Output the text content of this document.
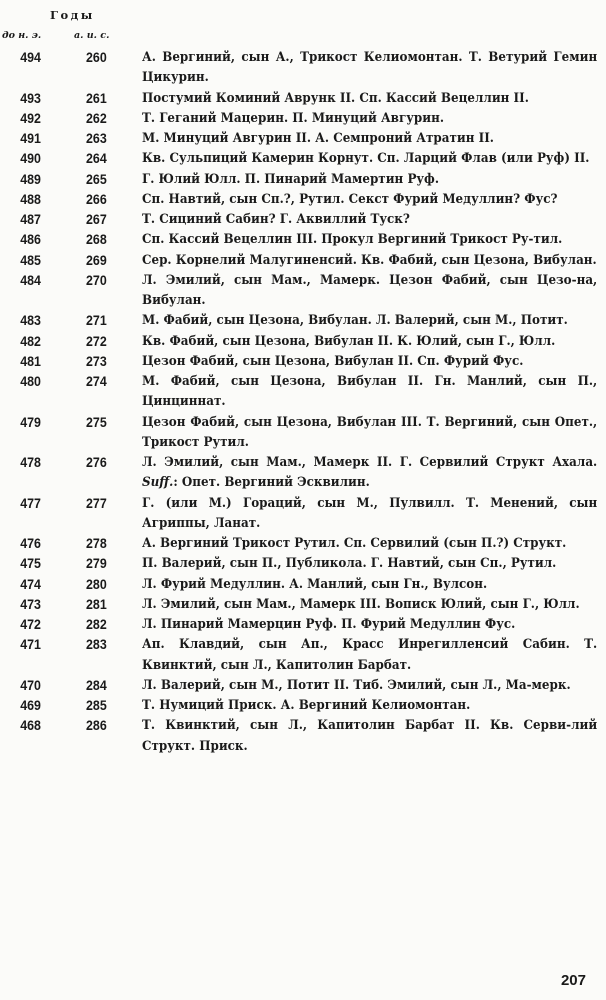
Годы
до н. э.	а. u. c.
494	260	А. Вергиний, сын А., Трикост Келиомонтан. Т. Ветурий Гемин Цикурин.
493	261	Постумий Коминий Аврунк II. Сп. Кассий Вецеллин II.
492	262	Т. Геганий Мацерин. П. Минуций Авгурин.
491	263	М. Минуций Авгурин II. А. Семпроний Атратин II.
490	264	Кв. Сульпиций Камерин Корнут. Сп. Ларций Флав (или Руф) II.
489	265	Г. Юлий Юлл. П. Пинарий Мамертин Руф.
488	266	Сп. Навтий, сын Сп.?, Рутил. Секст Фурий Медуллин? Фус?
487	267	Т. Сициний Сабин? Г. Аквиллий Туск?
486	268	Сп. Кассий Вецеллин III. Прокул Вергиний Трикост Ру-тил.
485	269	Сер. Корнелий Малугиненсий. Кв. Фабий, сын Цезона, Вибулан.
484	270	Л. Эмилий, сын Мам., Мамерк. Цезон Фабий, сын Цезо-на, Вибулан.
483	271	М. Фабий, сын Цезона, Вибулан. Л. Валерий, сын М., Потит.
482	272	Кв. Фабий, сын Цезона, Вибулан II. К. Юлий, сын Г., Юлл.
481	273	Цезон Фабий, сын Цезона, Вибулан II. Сп. Фурий Фус.
480	274	М. Фабий, сын Цезона, Вибулан II. Гн. Манлий, сын П., Цинциннат.
479	275	Цезон Фабий, сын Цезона, Вибулан III. Т. Вергиний, сын Опет., Трикост Рутил.
478	276	Л. Эмилий, сын Мам., Мамерк II. Г. Сервилий Структ Ахала. Suff.: Опет. Вергиний Эсквилин.
477	277	Г. (или М.) Гораций, сын М., Пулвилл. Т. Менений, сын Агриппы, Ланат.
476	278	А. Вергиний Трикост Рутил. Сп. Сервилий (сын П.?) Структ.
475	279	П. Валерий, сын П., Публикола. Г. Навтий, сын Сп., Рутил.
474	280	Л. Фурий Медуллин. А. Манлий, сын Гн., Вулсон.
473	281	Л. Эмилий, сын Мам., Мамерк III. Вописк Юлий, сын Г., Юлл.
472	282	Л. Пинарий Мамерцин Руф. П. Фурий Медуллин Фус.
471	283	Ап. Клавдий, сын Ап., Красс Инрегилленсий Сабин. Т. Квинктий, сын Л., Капитолин Барбат.
470	284	Л. Валерий, сын М., Потит II. Тиб. Эмилий, сын Л., Ма-мерк.
469	285	Т. Нумиций Приск. А. Вергиний Келиомонтан.
468	286	Т. Квинктий, сын Л., Капитолин Барбат II. Кв. Серви-лий Структ. Приск.
207
